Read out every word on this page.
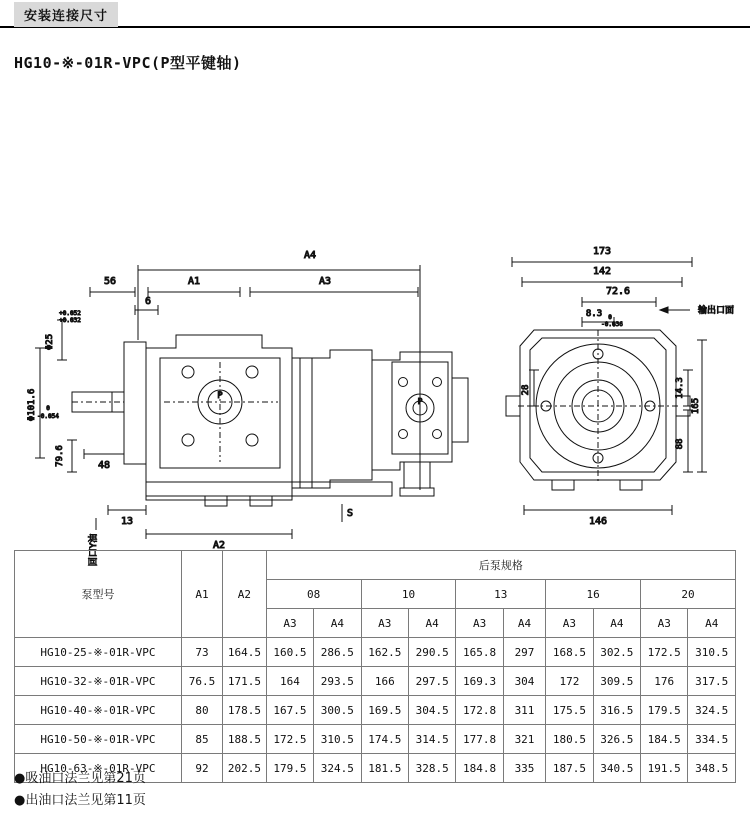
安装连接尺寸
HG10-※-01R-VPC(P型平键轴)
A4
56	A1	A3
6
P
P
Φ25
+0.052
+0.032
Φ101.6 0
-0.054
79.6	48
13
A2
S
回口Y油
173
142
72.6
8.3 0
-0.036
输出口面
14.3
165
88
28
146
泵型号	A1	A2	后泵规格									
			08		10		13		16		20	
			A3	A4	A3	A4	A3	A4	A3	A4	A3	A4
HG10-25-※-01R-VPC	73	164.5	160.5	286.5	162.5	290.5	165.8	297	168.5	302.5	172.5	310.5
HG10-32-※-01R-VPC	76.5	171.5	164	293.5	166	297.5	169.3	304	172	309.5	176	317.5
HG10-40-※-01R-VPC	80	178.5	167.5	300.5	169.5	304.5	172.8	311	175.5	316.5	179.5	324.5
HG10-50-※-01R-VPC	85	188.5	172.5	310.5	174.5	314.5	177.8	321	180.5	326.5	184.5	334.5
HG10-63-※-01R-VPC	92	202.5	179.5	324.5	181.5	328.5	184.8	335	187.5	340.5	191.5	348.5
●吸油口法兰见第21页
●出油口法兰见第11页
